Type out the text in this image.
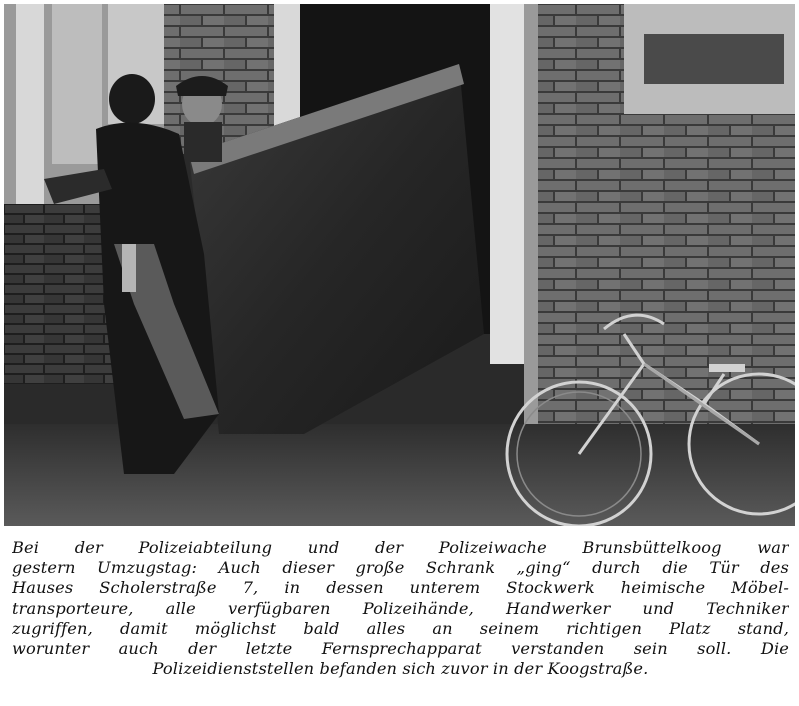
Bei der Polizeiabteilung und der Polizeiwache Brunsbüttelkoog war
gestern Umzugstag: Auch dieser große Schrank „ging“ durch die Tür des
Hauses Scholerstraße 7, in dessen unterem Stockwerk heimische Möbel-
transporteure, alle verfügbaren Polizeihände, Handwerker und Techniker
zugriffen, damit möglichst bald alles an seinem richtigen Platz stand,
worunter auch der letzte Fernsprechapparat verstanden sein soll. Die
Polizeidienststellen befanden sich zuvor in der Koogstraße.
